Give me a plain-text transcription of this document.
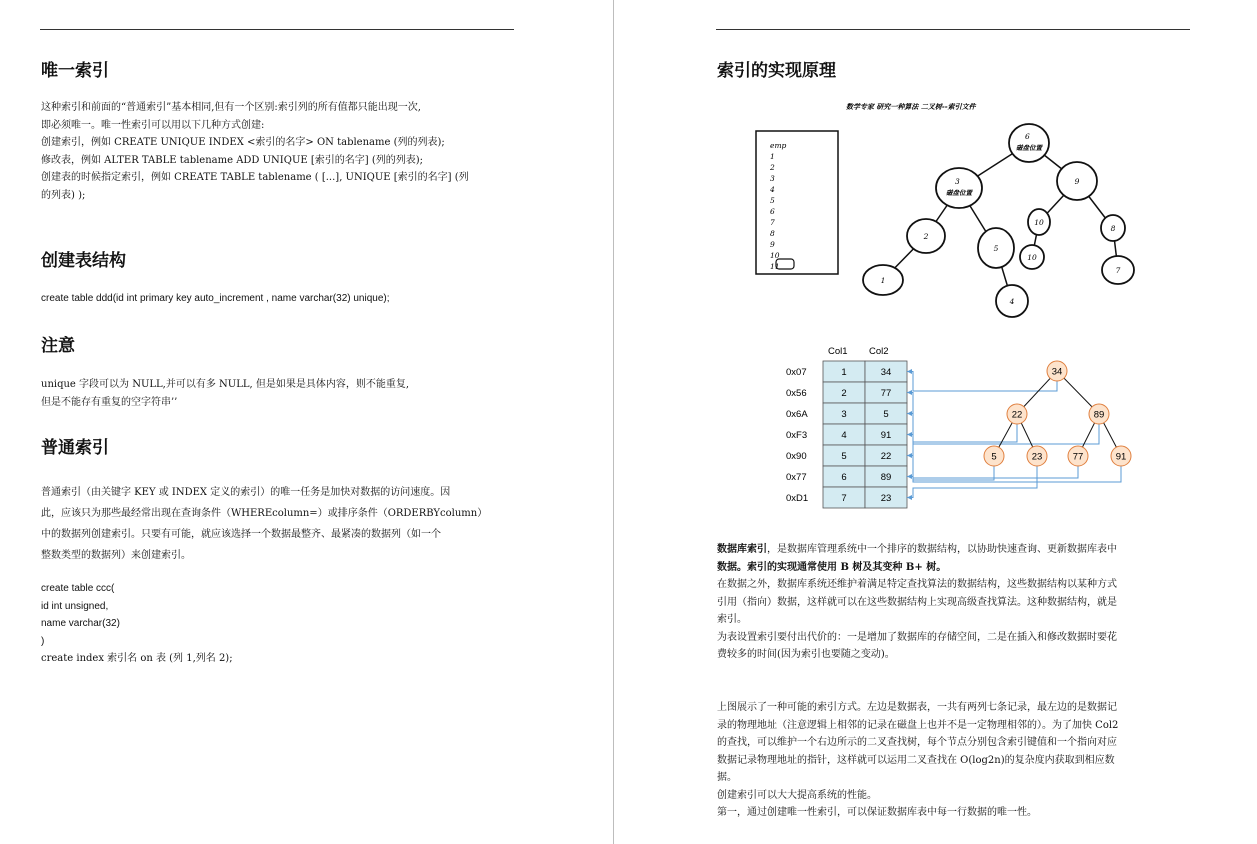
唯一索引
这种索引和前面的“普通索引”基本相同,但有一个区别:索引列的所有值都只能出现一次,
即必须唯一。唯一性索引可以用以下几种方式创建:
创建索引，例如 CREATE UNIQUE INDEX <索引的名字> ON tablename (列的列表);
修改表，例如 ALTER TABLE tablename ADD UNIQUE [索引的名字] (列的列表);
创建表的时候指定索引，例如 CREATE TABLE tablename ( [...], UNIQUE [索引的名字] (列
的列表) );
创建表结构
create table ddd(id int primary key auto_increment , name varchar(32) unique);
注意
unique 字段可以为 NULL,并可以有多 NULL, 但是如果是具体内容，则不能重复,
但是不能存有重复的空字符串’’
普通索引
普通索引（由关键字 KEY 或 INDEX 定义的索引）的唯一任务是加快对数据的访问速度。因
此，应该只为那些最经常出现在查询条件（WHEREcolumn=）或排序条件（ORDERBYcolumn）
中的数据列创建索引。只要有可能，就应该选择一个数据最整齐、最紧凑的数据列（如一个
整数类型的数据列）来创建索引。
create table ccc(
id int unsigned,
name varchar(32)
)
create index 索引名 on 表 (列 1,列名 2);
索引的实现原理
数学专家 研究一种算法 二叉树--索引文件
emp
1
2
3
4
5
6
7
8
9
10
11
6
磁盘位置
3
磁盘位置
9
2
5
10
8
1
4
10
7
Col1 Col2
0x07	1	34
0x56	2	77
0x6A	3	5
0xF3	4	91
0x90	5	22
0x77	6	89
0xD1	7	23
34
22	89
5	23	77	91
数据库索引，是数据库管理系统中一个排序的数据结构，以协助快速查询、更新数据库表中
数据。索引的实现通常使用 B 树及其变种 B+ 树。
在数据之外，数据库系统还维护着满足特定查找算法的数据结构，这些数据结构以某种方式
引用（指向）数据，这样就可以在这些数据结构上实现高级查找算法。这种数据结构，就是
索引。
为表设置索引要付出代价的：一是增加了数据库的存储空间，二是在插入和修改数据时要花
费较多的时间(因为索引也要随之变动)。
上图展示了一种可能的索引方式。左边是数据表，一共有两列七条记录，最左边的是数据记
录的物理地址（注意逻辑上相邻的记录在磁盘上也并不是一定物理相邻的）。为了加快 Col2
的查找，可以维护一个右边所示的二叉查找树，每个节点分别包含索引键值和一个指向对应
数据记录物理地址的指针，这样就可以运用二叉查找在 O(log2n)的复杂度内获取到相应数
据。
创建索引可以大大提高系统的性能。
第一，通过创建唯一性索引，可以保证数据库表中每一行数据的唯一性。
